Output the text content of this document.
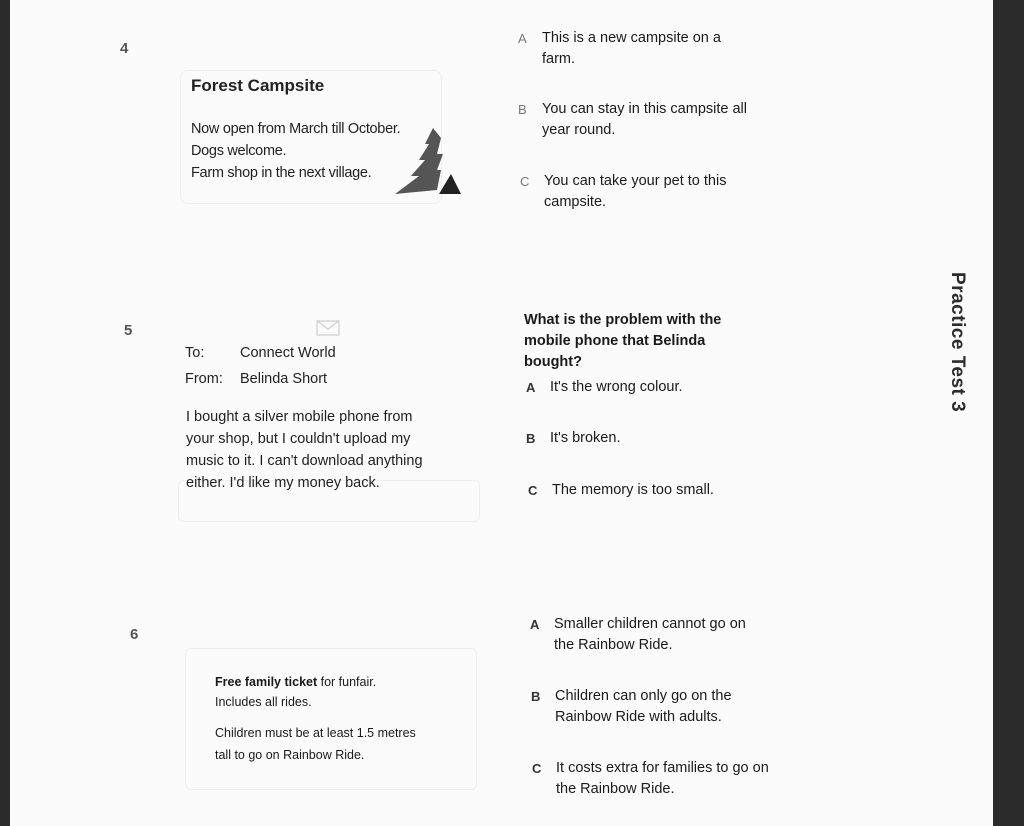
4
Forest Campsite
Now open from March till October.
Dogs welcome.
Farm shop in the next village.
A This is a new campsite on a farm.
B You can stay in this campsite all year round.
C You can take your pet to this campsite.
5
To: Connect World
From: Belinda Short
I bought a silver mobile phone from
your shop, but I couldn't upload my
music to it. I can't download anything
either. I'd like my money back.
What is the problem with the mobile phone that Belinda bought?
A It's the wrong colour.
B It's broken.
C The memory is too small.
6
Free family ticket for funfair.
Includes all rides.
Children must be at least 1.5 metres
tall to go on Rainbow Ride.
A Smaller children cannot go on the Rainbow Ride.
B Children can only go on the Rainbow Ride with adults.
C It costs extra for families to go on the Rainbow Ride.
Practice Test 3
